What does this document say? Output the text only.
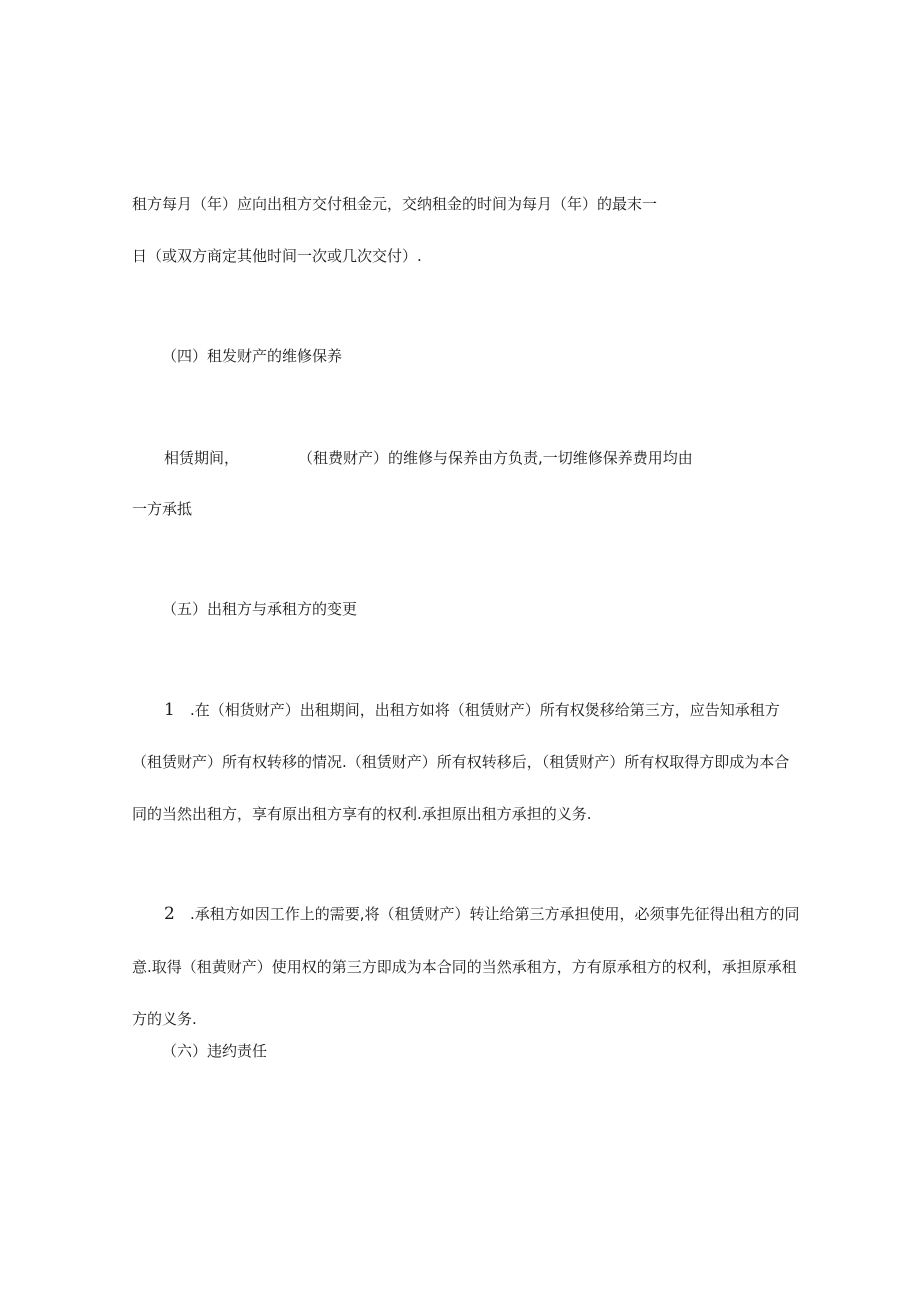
租方每月（年）应向出租方交付租金元，交纳租金的时间为每月（年）的最末一
日（或双方商定其他时间一次或几次交付）.
（四）租发财产的维修保养
相赁期间，	（租费财产）的维修与保养由方负责,一切维修保养费用均由
一方承抵
（五）出租方与承租方的变更
1 .在（相货财产）出租期间，出租方如将（租赁财产）所有权煲移给第三方，应告知承租方
（租赁财产）所有权转移的情况.（租赁财产）所有权转移后，（租赁财产）所有权取得方即成为本合
同的当然出租方，享有原出租方享有的权利.承担原出租方承担的义务.
2 .承租方如因工作上的需要,将（租赁财产）转让给第三方承担使用，必须事先征得出租方的同
意.取得（租黄财产）使用权的第三方即成为本合同的当然承租方，方有原承租方的权利，承担原承租
方的义务.
（六）违约责任
